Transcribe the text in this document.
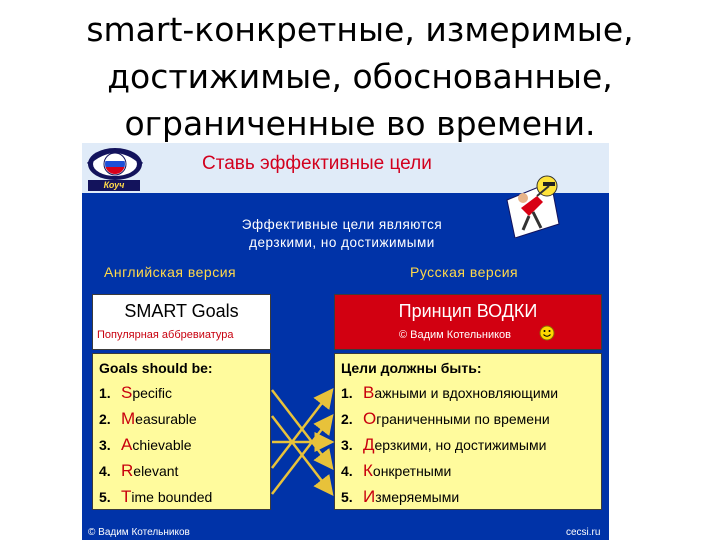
smart-конкретные, измеримые,
достижимые, обоснованные,
ограниченные во времени.
Коуч
Ставь эффективные цели
Эффективные цели являются
дерзкими, но достижимыми
Английская версия	Русская версия
SMART Goals
Популярная аббревиатура
Goals should be:
1. Specific
2. Measurable
3. Achievable
4. Relevant
5. Time bounded
Принцип ВОДКИ
© Вадим Котельников
Цели должны быть:
1. Важными и вдохновляющими
2. Ограниченными по времени
3. Дерзкими, но достижимыми
4. Конкретными
5. Измеряемыми
© Вадим Котельников	cecsi.ru
